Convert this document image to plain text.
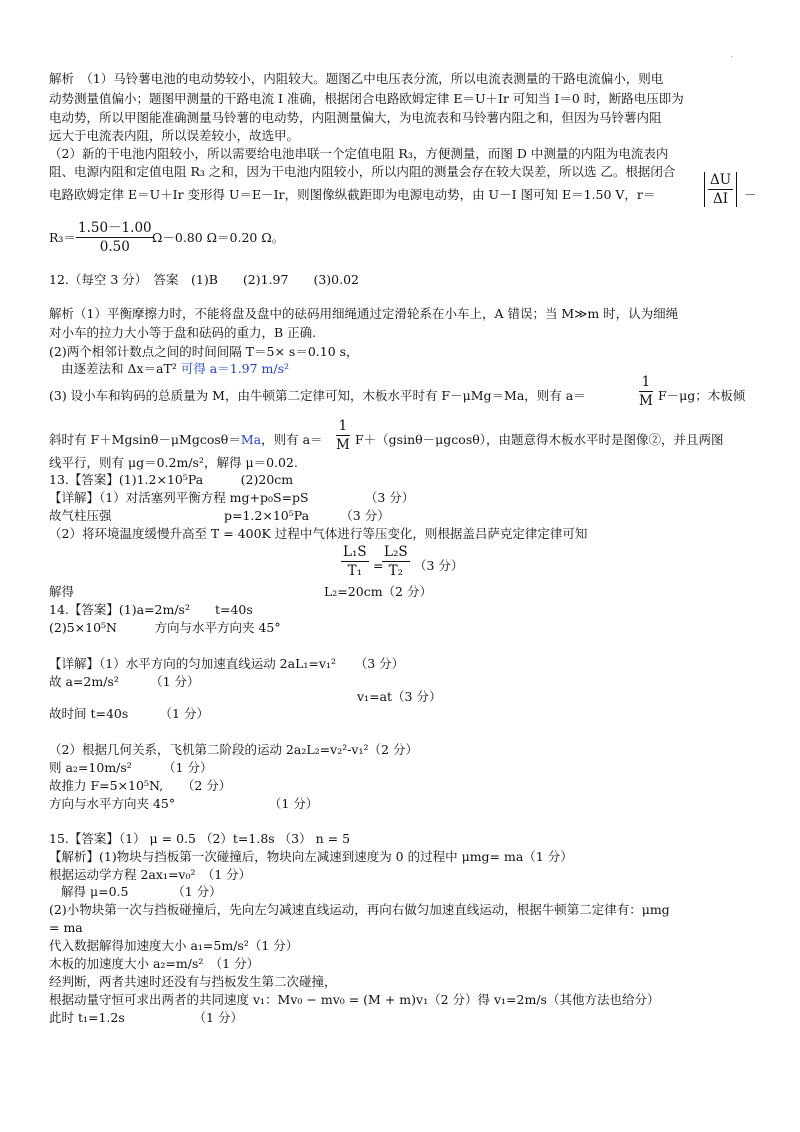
解析　（1）马铃薯电池的电动势较小，内阻较大。题图乙中电压表分流，所以电流表测量的干路电流偏小，则电
动势测量值偏小；题图甲测量的干路电流 I 准确，根据闭合电路欧姆定律 E＝U＋Ir 可知当 I＝0 时，断路电压即为
电动势，所以甲图能准确测量马铃薯的电动势，内阻测量偏大，为电流表和马铃薯内阻之和，但因为马铃薯内阻
远大于电流表内阻，所以误差较小，故选甲。
（2）新的干电池内阻较小，所以需要给电池串联一个定值电阻 R₃，方便测量，而图 D 中测量的内阻为电流表内
阻、电源内阻和定值电阻 R₃ 之和，因为干电池内阻较小，所以内阻的测量会存在较大误差，所以选 乙。根据闭合
电路欧姆定律 E＝U＋Ir 变形得 U＝E－Ir，则图像纵截距即为电源电动势，由 U－I 图可知 E＝1.50 V，r＝
ΔU
ΔI	－
$R_3= \frac{1.50-1.00}{0.50}$
Ω－0.80 Ω＝0.20 Ω。
12.（每空 3 分）　答案　(1)B　　(2)1.97　　(3)0.02
解析（1）平衡摩擦力时，不能将盘及盘中的砝码用细绳通过定滑轮系在小车上，A 错误；当 M≫m 时，认为细绳
对小车的拉力大小等于盘和砝码的重力，B 正确.
(2)两个相邻计数点之间的时间间隔 T＝5× s＝0.10 s，
由逐差法和 Δx＝aT² 可得 a＝1.97 m/s²
(3) 设小车和钩码的总质量为 M，由牛顿第二定律可知，木板水平时有 F－μMg＝Ma，则有 a＝	$\frac{1}{M} F-\mu g$；木板倾
斜时有 F＋Mgsinθ－μMgcosθ＝Ma，则有 $a= \frac{1}{M} F+(gsin\theta-\mu gcos\theta)$，由题意得木板水平时是图像②，并且两图
线平行，则有 μg＝0.2m/s²，解得 μ＝0.02.
13.【答案】(1)1.2×10⁵Pa　　　(2)20cm
【详解】（1）对活塞列平衡方程 mg+p₀S=pS　　　　　（3 分）
故气柱压强　　　　　　　　　p=1.2×10⁵Pa　　　（3 分）
（2）将环境温度缓慢升高至 T = 400K 过程中气体进行等压变化，则根据盖吕萨克定律定律可知
$\frac{\text{L₁S}}{\text{T₁}}$ =
$\frac{\text{L₂S}}{\text{T₂}} (3$ 分）
解得	L₂=20cm（2 分）
14.【答案】(1)a=2m/s²　　t=40s
(2)5×10⁵N　　　方向与水平方向夹 45°
【详解】（1）水平方向的匀加速直线运动 2aL₁=v₁²　　（3 分）
故 a=2m/s²　　　（1 分）
v₁=at（3 分）
故时间 t=40s　　　（1 分）
（2）根据几何关系，飞机第二阶段的运动 2a₂L₂=v₂²-v₁²（2 分）
则 a₂=10m/s²　　　（1 分）
故推力 F=5×10⁵N,　　（2 分）
方向与水平方向夹 45°　　　　　　　　（1 分）
15.【答案】（1） μ = 0.5 （2）t=1.8s （3） n = 5
【解析】(1)物块与挡板第一次碰撞后，物块向左减速到速度为 0 的过程中 μmg= ma（1 分）
根据运动学方程 2ax₁=v₀²　（1 分）
解得 μ=0.5　　　　（1 分）
(2)小物块第一次与挡板碰撞后，先向左匀减速直线运动，再向右做匀加速直线运动，根据牛顿第二定律有：μmg
= ma
代入数据解得加速度大小 a₁=5m/s²（1 分）
木板的加速度大小 a₂=m/s²　（1 分）
经判断，两者共速时还没有与挡板发生第二次碰撞，
根据动量守恒可求出两者的共同速度 v₁：Mv₀ − mv₀ = (M + m)v₁（2 分）得 v₁=2m/s（其他方法也给分）
此时 t₁=1.2s　　　　　　（1 分）
